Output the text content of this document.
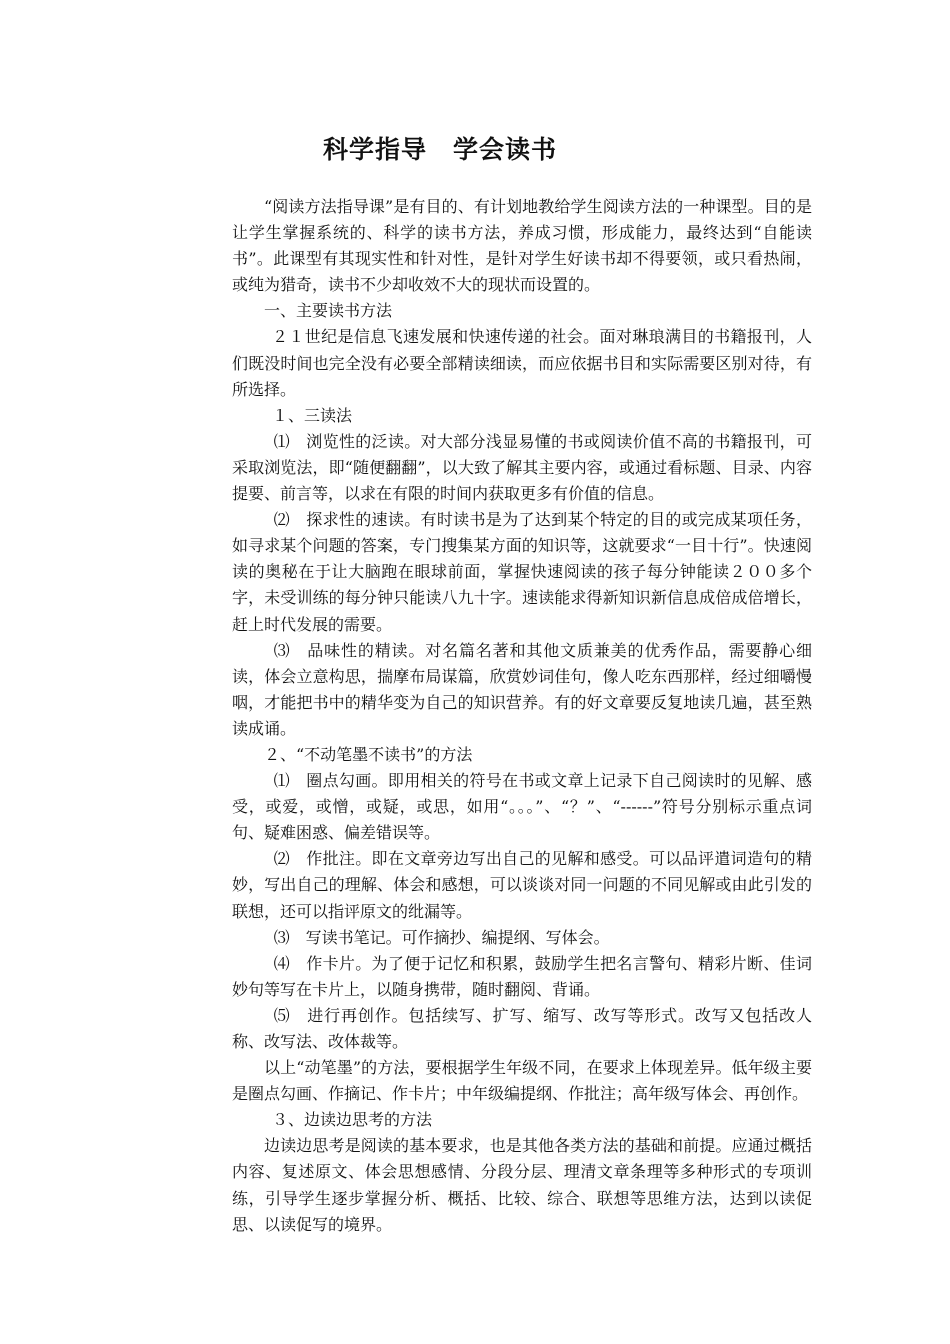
科学指导　学会读书

“阅读方法指导课”是有目的、有计划地教给学生阅读方法的一种课型。目的是让学生掌握系统的、科学的读书方法，养成习惯，形成能力，最终达到“自能读书”。此课型有其现实性和针对性，是针对学生好读书却不得要领，或只看热闹，或纯为猎奇，读书不少却收效不大的现状而设置的。

一、主要读书方法

２１世纪是信息飞速发展和快速传递的社会。面对琳琅满目的书籍报刊，人们既没时间也完全没有必要全部精读细读，而应依据书目和实际需要区别对待，有所选择。

１、三读法

⑴　浏览性的泛读。对大部分浅显易懂的书或阅读价值不高的书籍报刊，可采取浏览法，即“随便翻翻”，以大致了解其主要内容，或通过看标题、目录、内容提要、前言等，以求在有限的时间内获取更多有价值的信息。

⑵　探求性的速读。有时读书是为了达到某个特定的目的或完成某项任务，如寻求某个问题的答案，专门搜集某方面的知识等，这就要求“一目十行”。快速阅读的奥秘在于让大脑跑在眼球前面，掌握快速阅读的孩子每分钟能读２００多个字，未受训练的每分钟只能读八九十字。速读能求得新知识新信息成倍成倍增长，赶上时代发展的需要。

⑶　品味性的精读。对名篇名著和其他文质兼美的优秀作品，需要静心细读，体会立意构思，揣摩布局谋篇，欣赏妙词佳句，像人吃东西那样，经过细嚼慢咽，才能把书中的精华变为自己的知识营养。有的好文章要反复地读几遍，甚至熟读成诵。

２、“不动笔墨不读书”的方法

⑴　圈点勾画。即用相关的符号在书或文章上记录下自己阅读时的见解、感受，或爱，或憎，或疑，或思，如用“。。。”、“？”、“------”符号分别标示重点词句、疑难困惑、偏差错误等。

⑵　作批注。即在文章旁边写出自己的见解和感受。可以品评遣词造句的精妙，写出自己的理解、体会和感想，可以谈谈对同一问题的不同见解或由此引发的联想，还可以指评原文的纰漏等。

⑶　写读书笔记。可作摘抄、编提纲、写体会。

⑷　作卡片。为了便于记忆和积累，鼓励学生把名言警句、精彩片断、佳词妙句等写在卡片上，以随身携带，随时翻阅、背诵。

⑸　进行再创作。包括续写、扩写、缩写、改写等形式。改写又包括改人称、改写法、改体裁等。

以上“动笔墨”的方法，要根据学生年级不同，在要求上体现差异。低年级主要是圈点勾画、作摘记、作卡片；中年级编提纲、作批注；高年级写体会、再创作。

３、边读边思考的方法

边读边思考是阅读的基本要求，也是其他各类方法的基础和前提。应通过概括内容、复述原文、体会思想感情、分段分层、理清文章条理等多种形式的专项训练，引导学生逐步掌握分析、概括、比较、综合、联想等思维方法，达到以读促思、以读促写的境界。
